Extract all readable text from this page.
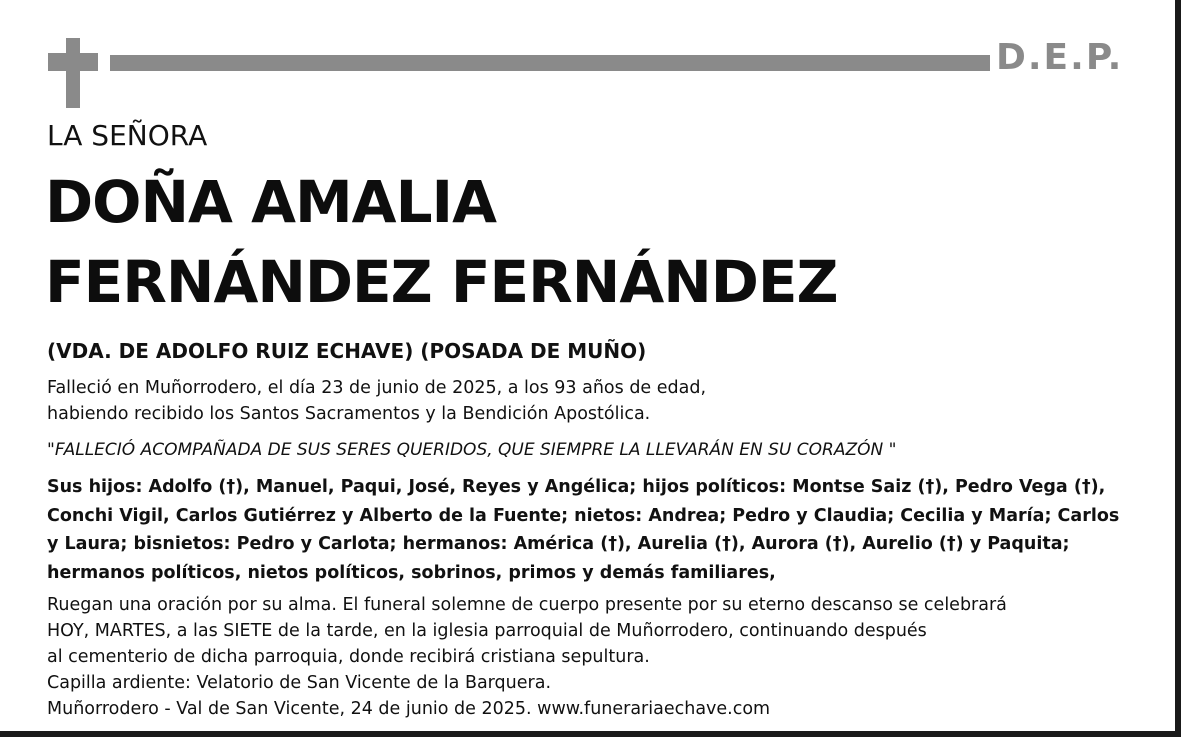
D.E.P.
LA SEÑORA
DOÑA AMALIA
FERNÁNDEZ FERNÁNDEZ
(VDA. DE ADOLFO RUIZ ECHAVE) (POSADA DE MUÑO)
Falleció en Muñorrodero, el día 23 de junio de 2025, a los 93 años de edad,
habiendo recibido los Santos Sacramentos y la Bendición Apostólica.
"FALLECIÓ ACOMPAÑADA DE SUS SERES QUERIDOS, QUE SIEMPRE LA LLEVARÁN EN SU CORAZÓN "
Sus hijos: Adolfo (†), Manuel, Paqui, José, Reyes y Angélica; hijos políticos: Montse Saiz (†), Pedro Vega (†),
Conchi Vigil, Carlos Gutiérrez y Alberto de la Fuente; nietos: Andrea; Pedro y Claudia; Cecilia y María; Carlos
y Laura; bisnietos: Pedro y Carlota; hermanos: América (†), Aurelia (†), Aurora (†), Aurelio (†) y Paquita;
hermanos políticos, nietos políticos, sobrinos, primos y demás familiares,
Ruegan una oración por su alma. El funeral solemne de cuerpo presente por su eterno descanso se celebrará
HOY, MARTES, a las SIETE de la tarde, en la iglesia parroquial de Muñorrodero, continuando después
al cementerio de dicha parroquia, donde recibirá cristiana sepultura.
Capilla ardiente: Velatorio de San Vicente de la Barquera.
Muñorrodero - Val de San Vicente, 24 de junio de 2025. www.funerariaechave.com
